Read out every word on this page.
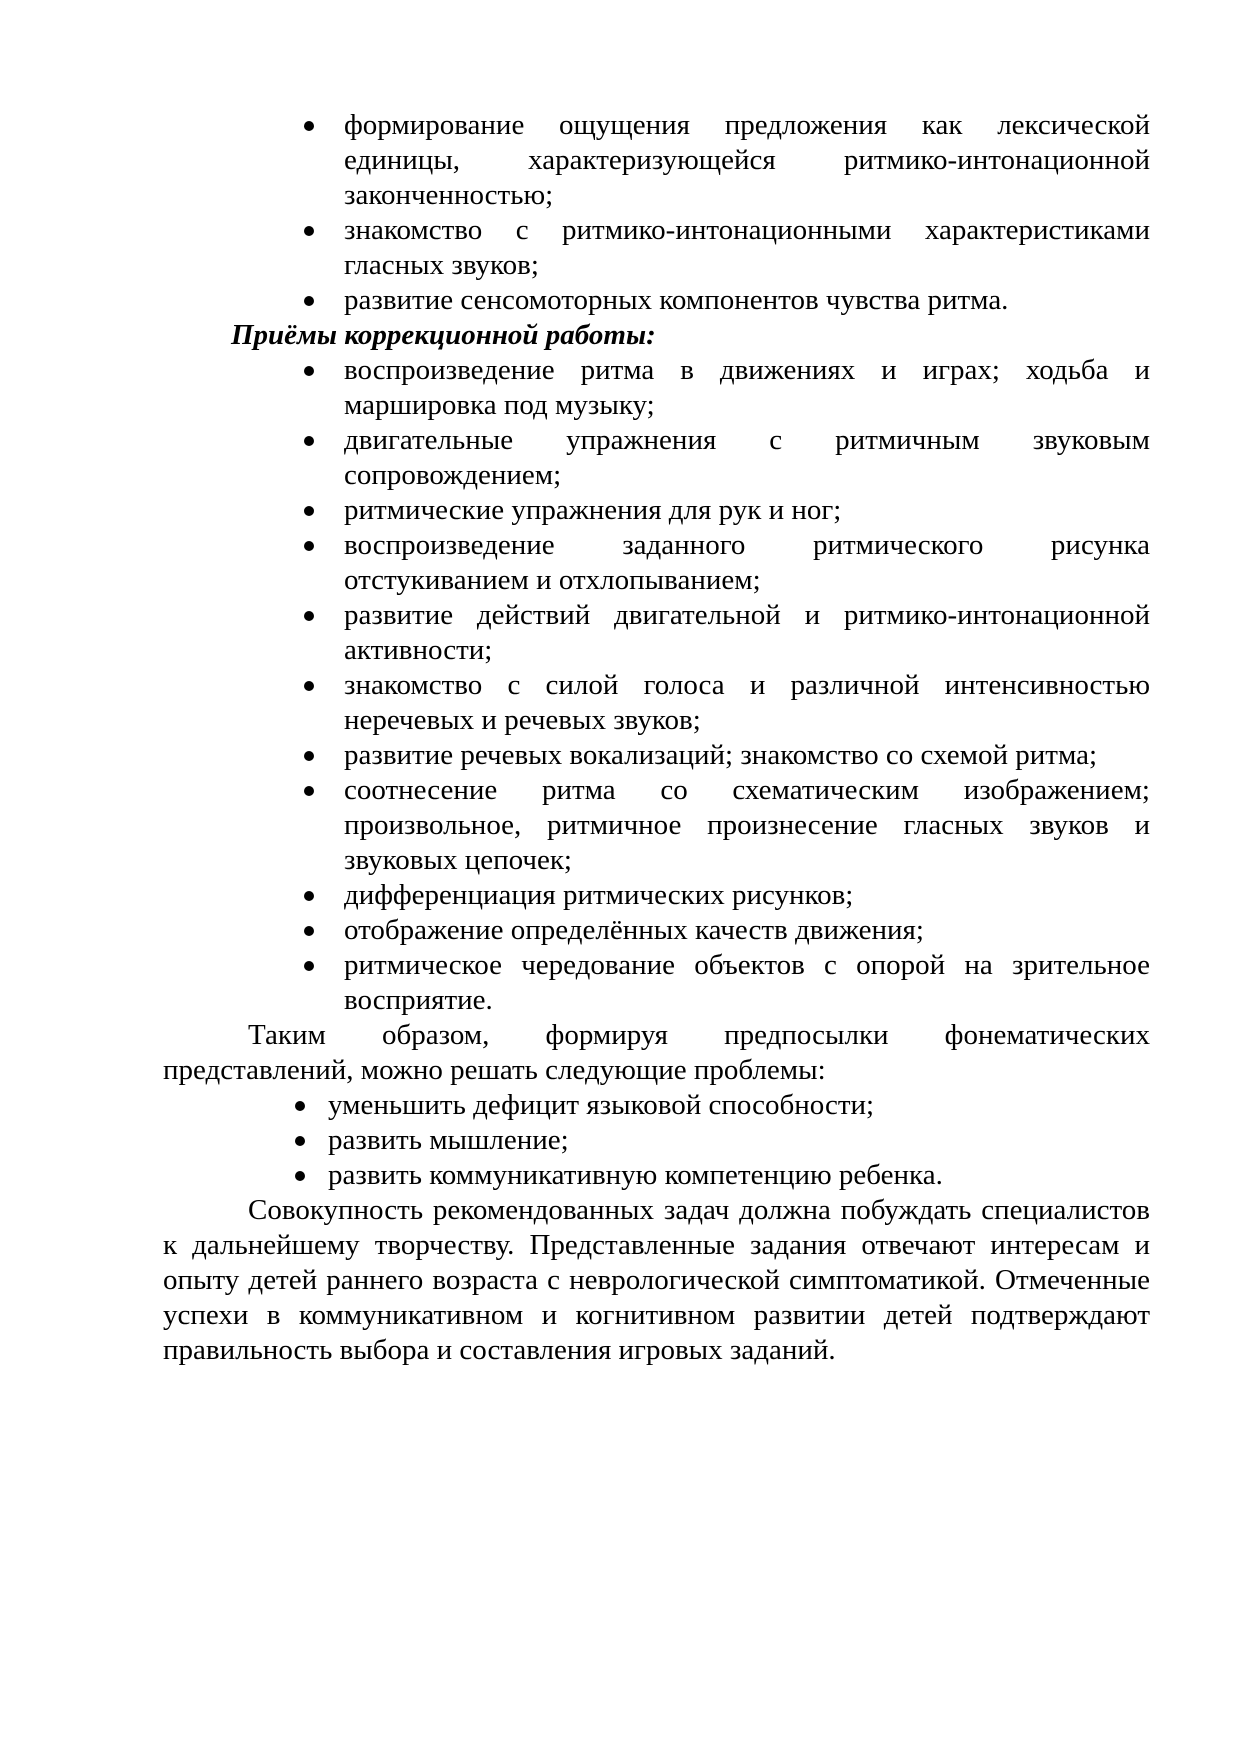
формирование ощущения предложения как лексической единицы, характеризующейся ритмико-интонационной законченностью;
знакомство с ритмико-интонационными характеристиками гласных звуков;
развитие сенсомоторных компонентов чувства ритма.
Приёмы коррекционной работы:
воспроизведение ритма в движениях и играх; ходьба и маршировка под музыку;
двигательные упражнения с ритмичным звуковым сопровождением;
ритмические упражнения для рук и ног;
воспроизведение заданного ритмического рисунка отстукиванием и отхлопыванием;
развитие действий двигательной и ритмико-интонационной активности;
знакомство с силой голоса и различной интенсивностью неречевых и речевых звуков;
развитие речевых вокализаций; знакомство со схемой ритма;
соотнесение ритма со схематическим изображением; произвольное, ритмичное произнесение гласных звуков и звуковых цепочек;
дифференциация ритмических рисунков;
отображение определённых качеств движения;
ритмическое чередование объектов с опорой на зрительное восприятие.

Таким образом, формируя предпосылки фонематических представлений, можно решать следующие проблемы:

уменьшить дефицит языковой способности;
развить мышление;
развить коммуникативную компетенцию ребенка.

Совокупность рекомендованных задач должна побуждать специалистов к дальнейшему творчеству. Представленные задания отвечают интересам и опыту детей раннего возраста с неврологической симптоматикой. Отмеченные успехи в коммуникативном и когнитивном развитии детей подтверждают правильность выбора и составления игровых заданий.
